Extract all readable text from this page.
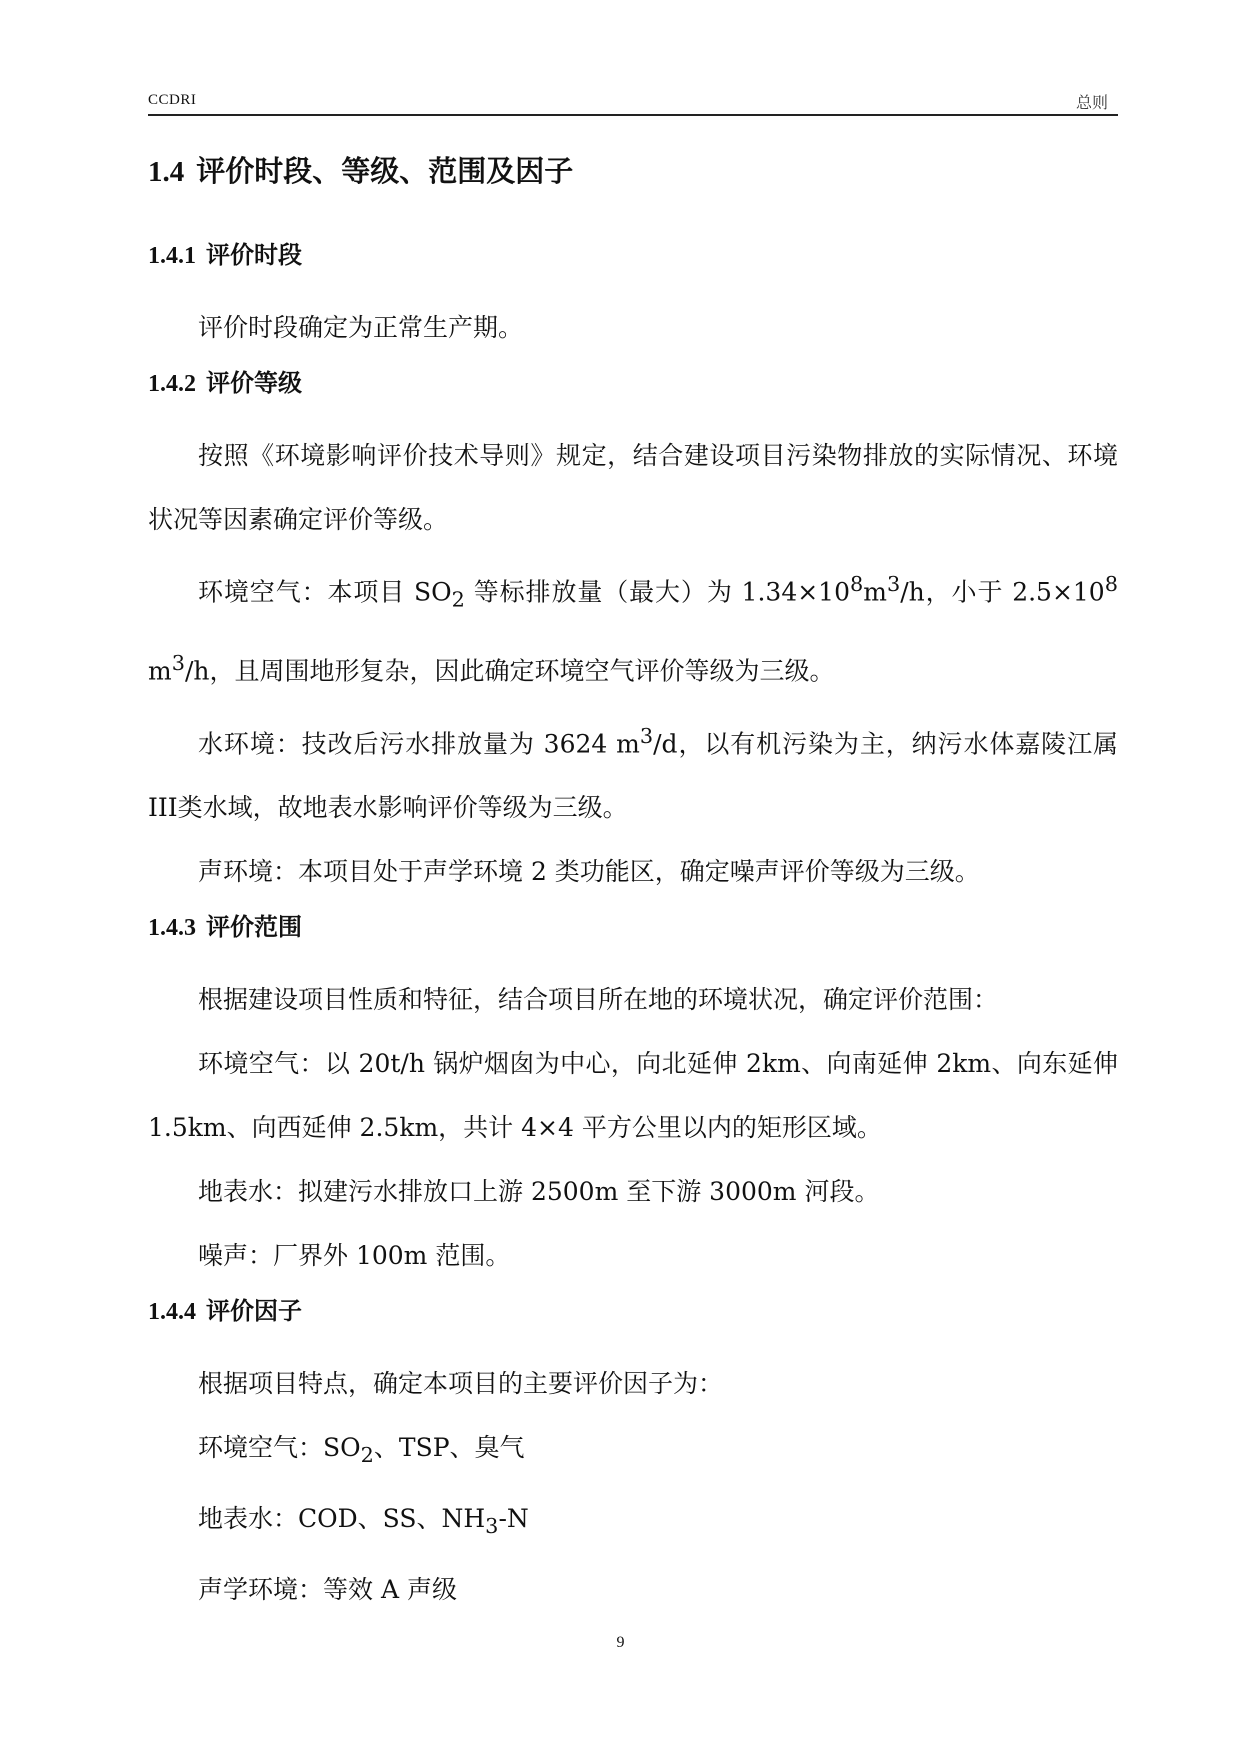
CCDRI	总则
1.4 评价时段、等级、范围及因子
1.4.1 评价时段

评价时段确定为正常生产期。

1.4.2 评价等级

按照《环境影响评价技术导则》规定，结合建设项目污染物排放的实际情况、环境状况等因素确定评价等级。

环境空气：本项目 $SO_2$ 等标排放量（最大）为 $1.34\times 10^8m^3/h$，小于 $2.5\times 10^8$ $m^3/h$，且周围地形复杂，因此确定环境空气评价等级为三级。

水环境：技改后污水排放量为 3624 $m^3/d$，以有机污染为主，纳污水体嘉陵江属III类水域，故地表水影响评价等级为三级。

声环境：本项目处于声学环境 2 类功能区，确定噪声评价等级为三级。

1.4.3 评价范围

根据建设项目性质和特征，结合项目所在地的环境状况，确定评价范围：

环境空气：以 20t/h 锅炉烟囱为中心，向北延伸 2km、向南延伸 2km、向东延伸 1.5km、向西延伸 2.5km，共计 4×4 平方公里以内的矩形区域。

地表水：拟建污水排放口上游 2500m 至下游 3000m 河段。

噪声：厂界外 100m 范围。

1.4.4 评价因子

根据项目特点，确定本项目的主要评价因子为：

环境空气：$SO_2$、TSP、臭气

地表水：COD、SS、$NH_3-N$

声学环境：等效 A 声级

9
